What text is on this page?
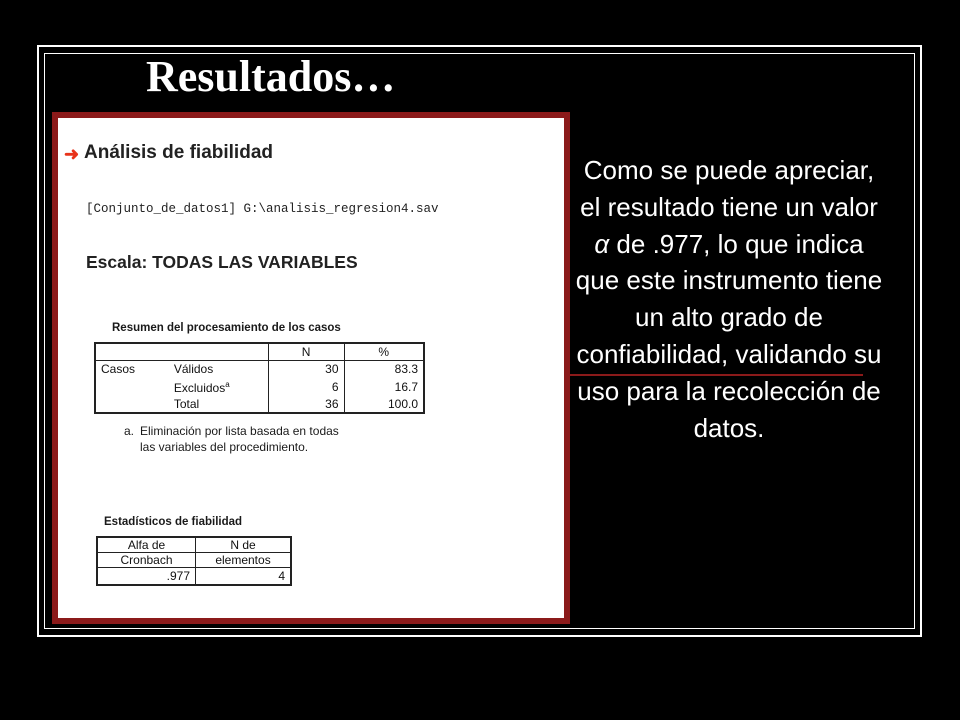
Resultados…
➜ Análisis de fiabilidad
[Conjunto_de_datos1] G:\analisis_regresion4.sav
Escala: TODAS LAS VARIABLES
Resumen del procesamiento de los casos
		N	%
Casos	Válidos	30	83.3
	Excluidos$^a$	6	16.7
	Total	36	100.0
a. Eliminación por lista basada en todas
las variables del procedimiento.
Estadísticos de fiabilidad
Alfa de	N de
Cronbach	elementos
.977	4
Como se puede apreciar, el resultado tiene un valor α de .977, lo que indica que este instrumento tiene un alto grado de confiabilidad, validando su uso para la recolección de datos.
